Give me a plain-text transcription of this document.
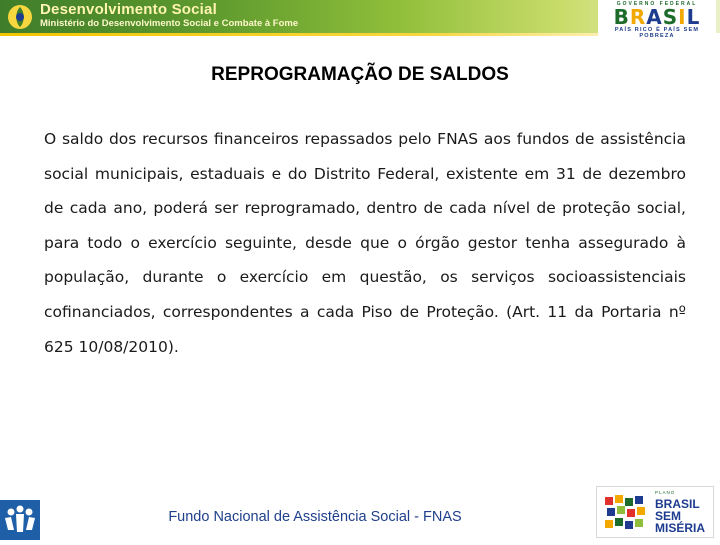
Desenvolvimento Social
Ministério do Desenvolvimento Social e Combate à Fome
GOVERNO FEDERAL
BRASIL
PAÍS RICO É PAÍS SEM POBREZA
REPROGRAMAÇÃO DE SALDOS

O saldo dos recursos financeiros repassados pelo FNAS aos fundos de assistência social municipais, estaduais e do Distrito Federal, existente em 31 de dezembro de cada ano, poderá ser reprogramado, dentro de cada nível de proteção social, para todo o exercício seguinte, desde que o órgão gestor tenha assegurado à população, durante o exercício em questão, os serviços socioassistenciais cofinanciados, correspondentes a cada Piso de Proteção. (Art. 11 da Portaria nº 625 10/08/2010).

Fundo Nacional de Assistência Social - FNAS
PLANO
BRASIL
SEM
MISÉRIA
